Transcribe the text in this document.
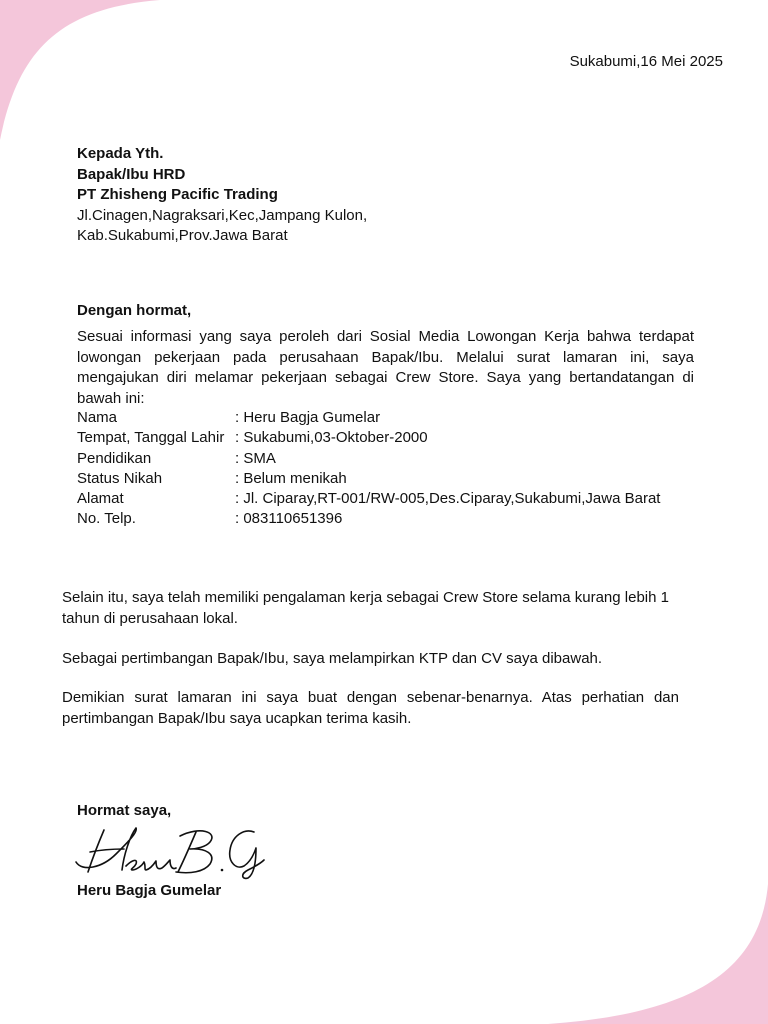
Sukabumi,16 Mei 2025
Kepada Yth.
Bapak/Ibu HRD
PT Zhisheng Pacific Trading
Jl.Cinagen,Nagraksari,Kec,Jampang Kulon,
Kab.Sukabumi,Prov.Jawa Barat
Dengan hormat,

Sesuai informasi yang saya peroleh dari Sosial Media Lowongan Kerja bahwa terdapat lowongan pekerjaan pada perusahaan Bapak/Ibu. Melalui surat lamaran ini, saya mengajukan diri melamar pekerjaan sebagai Crew Store. Saya yang bertandatangan di bawah ini:

Nama	: Heru Bagja Gumelar
Tempat, Tanggal Lahir : Sukabumi,03-Oktober-2000
Pendidikan	: SMA
Status Nikah	: Belum menikah
Alamat	: Jl. Ciparay,RT-001/RW-005,Des.Ciparay,Sukabumi,Jawa Barat
No. Telp.	: 083110651396

Selain itu, saya telah memiliki pengalaman kerja sebagai Crew Store selama kurang lebih 1 tahun di perusahaan lokal.

Sebagai pertimbangan Bapak/Ibu, saya melampirkan KTP dan CV saya dibawah.

Demikian surat lamaran ini saya buat dengan sebenar-benarnya. Atas perhatian dan pertimbangan Bapak/Ibu saya ucapkan terima kasih.

Hormat saya,
Heru Bagja Gumelar
